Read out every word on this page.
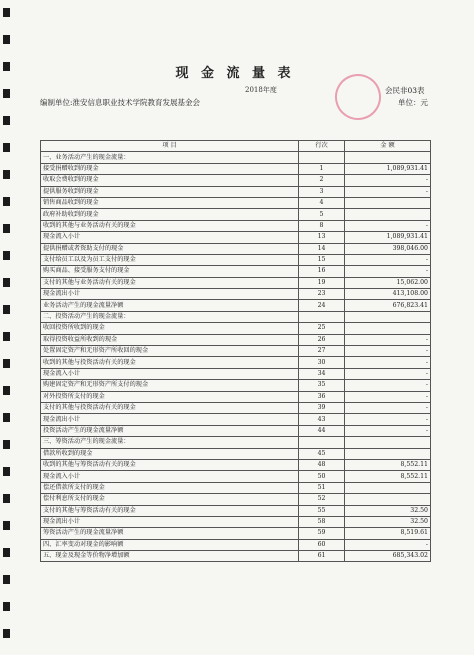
现 金 流 量 表
2018年度	会民非03表
编制单位:淮安信息职业技术学院教育发展基金会	单位：元
项 目	行次	金 额
一、业务活动产生的现金流量：		
接受捐赠收到的现金	1	1,089,931.41
收取会费收到的现金	2	-
提供服务收到的现金	3	-
销售商品收到的现金	4	
政府补助收到的现金	5	
收到的其他与业务活动有关的现金	8	-
现金流入小计	13	1,089,931.41
提供捐赠或者资助支付的现金	14	398,046.00
支付给员工以及为员工支付的现金	15	-
购买商品、接受服务支付的现金	16	-
支付的其他与业务活动有关的现金	19	15,062.00
现金流出小计	23	413,108.00
业务活动产生的现金流量净额	24	676,823.41
二、投资活动产生的现金流量：		
收回投资所收到的现金	25	
取得投资收益所收到的现金	26	-
处置固定资产和无形资产所收回的现金	27	-
收到的其他与投资活动有关的现金	30	-
现金流入小计	34	-
购建固定资产和无形资产所支付的现金	35	-
对外投资所支付的现金	36	-
支付的其他与投资活动有关的现金	39	-
现金流出小计	43	-
投资活动产生的现金流量净额	44	-
三、筹资活动产生的现金流量：		
借款所收到的现金	45	
收到的其他与筹资活动有关的现金	48	8,552.11
现金流入小计	50	8,552.11
偿还借款所支付的现金	51	
偿付利息所支付的现金	52	
支付的其他与筹资活动有关的现金	55	32.50
现金流出小计	58	32.50
筹资活动产生的现金流量净额	59	8,519.61
四、汇率变动对现金的影响额	60	-
五、现金及现金等价物净增加额	61	685,343.02
